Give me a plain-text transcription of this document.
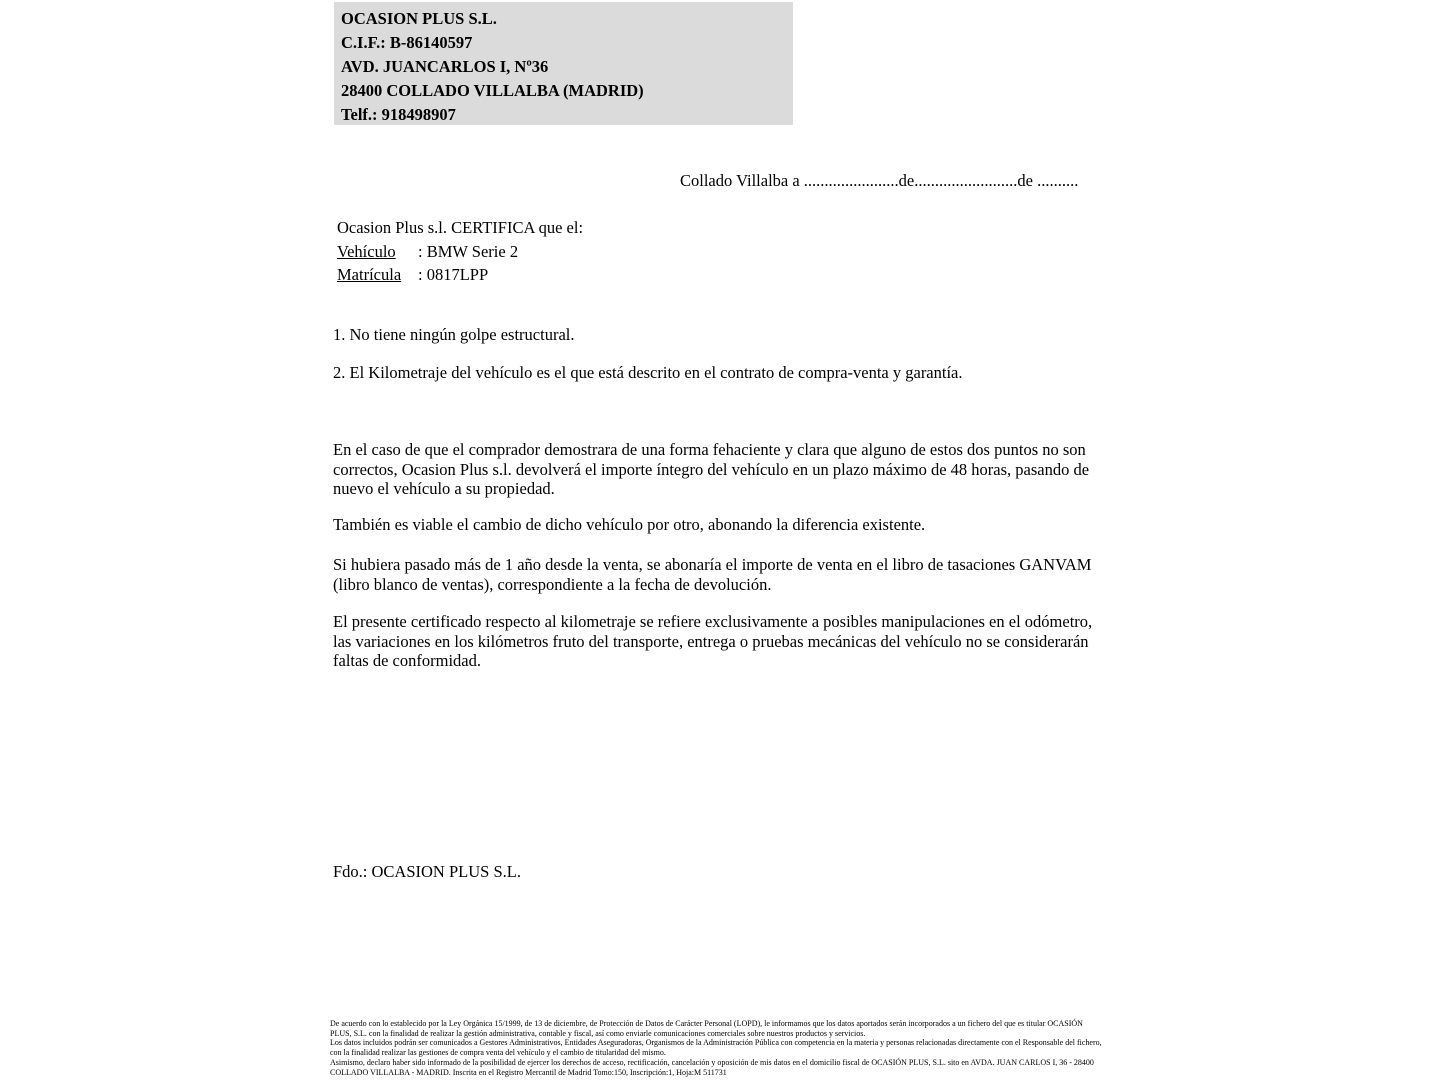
OCASION PLUS S.L.
C.I.F.: B-86140597
AVD. JUANCARLOS I, Nº36
28400 COLLADO VILLALBA (MADRID)
Telf.: 918498907
Collado Villalba a .......................de.........................de ..........
Ocasion Plus s.l. CERTIFICA que el:
Vehículo : BMW Serie 2
Matrícula : 0817LPP
1. No tiene ningún golpe estructural.
2. El Kilometraje del vehículo es el que está descrito en el contrato de compra-venta y garantía.
En el caso de que el comprador demostrara de una forma fehaciente y clara que alguno de estos dos puntos no son correctos, Ocasion Plus s.l. devolverá el importe íntegro del vehículo en un plazo máximo de 48 horas, pasando de nuevo el vehículo a su propiedad.
También es viable el cambio de dicho vehículo por otro, abonando la diferencia existente.
Si hubiera pasado más de 1 año desde la venta, se abonaría el importe de venta en el libro de tasaciones GANVAM (libro blanco de ventas), correspondiente a la fecha de devolución.
El presente certificado respecto al kilometraje se refiere exclusivamente a posibles manipulaciones en el odómetro, las variaciones en los kilómetros fruto del transporte, entrega o pruebas mecánicas del vehículo no se considerarán faltas de conformidad.
Fdo.: OCASION PLUS S.L.

De acuerdo con lo establecido por la Ley Orgánica 15/1999, de 13 de diciembre, de Protección de Datos de Carácter Personal (LOPD), le informamos que los datos aportados serán incorporados a un fichero del que es titular OCASIÓN PLUS, S.L. con la finalidad de realizar la gestión administrativa, contable y fiscal, así como enviarle comunicaciones comerciales sobre nuestros productos y servicios.

Los datos incluidos podrán ser comunicados a Gestores Administrativos, Entidades Aseguradoras, Organismos de la Administración Pública con competencia en la materia y personas relacionadas directamente con el Responsable del fichero, con la finalidad realizar las gestiones de compra venta del vehículo y el cambio de titularidad del mismo.

Asimismo, declaro haber sido informado de la posibilidad de ejercer los derechos de acceso, rectificación, cancelación y oposición de mis datos en el domicilio fiscal de OCASIÓN PLUS, S.L. sito en AVDA. JUAN CARLOS I, 36 - 28400 COLLADO VILLALBA - MADRID. Inscrita en el Registro Mercantil de Madrid Tomo:150, Inscripción:1, Hoja:M 511731
